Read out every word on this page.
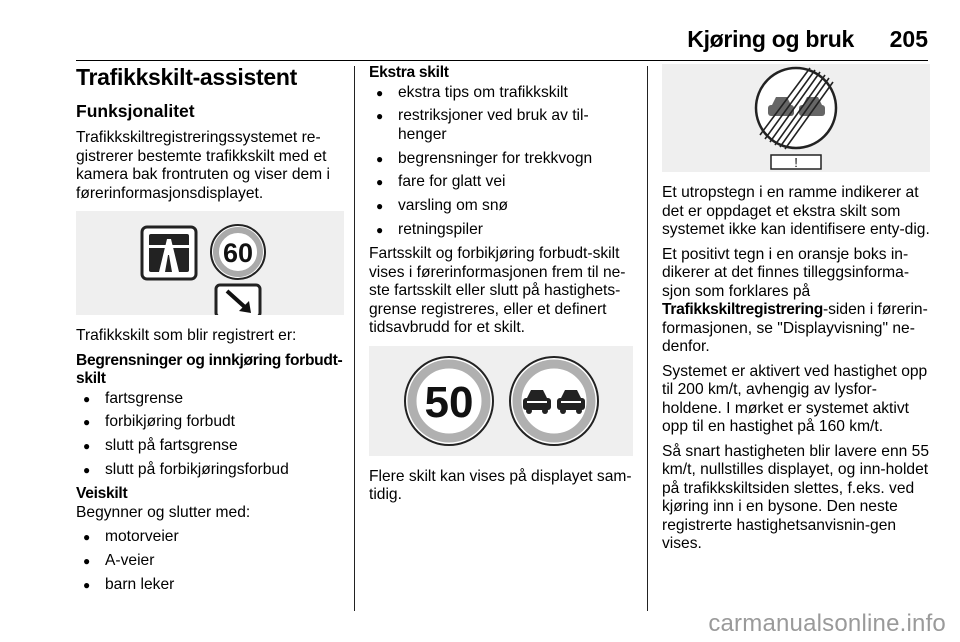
Kjøring og bruk 205
Trafikkskilt-assistent
Funksjonalitet

Trafikkskiltregistreringssystemet re-gistrerer bestemte trafikkskilt med et kamera bak frontruten og viser dem i førerinformasjonsdisplayet.

60

Trafikkskilt som blir registrert er:

Begrensninger og innkjøring forbudt-skilt
● fartsgrense
● forbikjøring forbudt
● slutt på fartsgrense
● slutt på forbikjøringsforbud
Veiskilt

Begynner og slutter med:

● motorveier
● A-veier
● barn leker
Ekstra skilt
● ekstra tips om trafikkskilt
● restriksjoner ved bruk av til-henger
● begrensninger for trekkvogn
● fare for glatt vei
● varsling om snø
● retningspiler

Fartsskilt og forbikjøring forbudt-skilt vises i førerinformasjonen frem til ne-ste fartsskilt eller slutt på hastighets-grense registreres, eller et definert tidsavbrudd for et skilt.

50

Flere skilt kan vises på displayet sam-tidig.

!

Et utropstegn i en ramme indikerer at det er oppdaget et ekstra skilt som systemet ikke kan identifisere enty-dig.

Et positivt tegn i en oransje boks in-dikerer at det finnes tilleggsinforma-sjon som forklares på
Trafikkskiltregistrering-siden i førerin-formasjonen, se "Displayvisning" ne-denfor.

Systemet er aktivert ved hastighet opp til 200 km/t, avhengig av lysfor-holdene. I mørket er systemet aktivt opp til en hastighet på 160 km/t.

Så snart hastigheten blir lavere enn 55 km/t, nullstilles displayet, og inn-holdet på trafikkskiltsiden slettes, f.eks. ved kjøring inn i en bysone. Den neste registrerte hastighetsanvisnin-gen vises.

carmanualsonline.info
